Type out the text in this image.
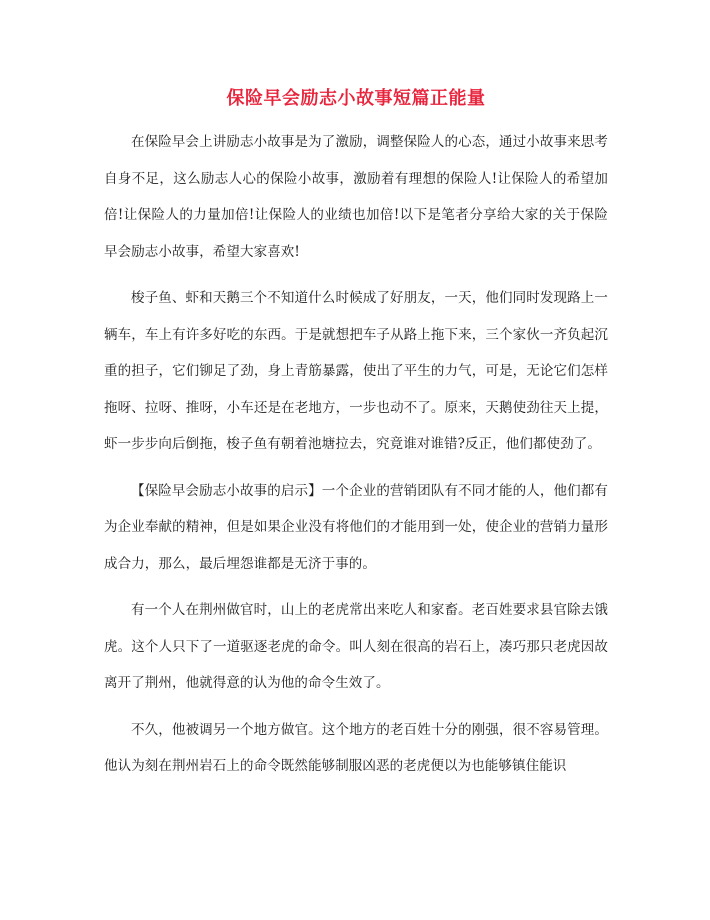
保险早会励志小故事短篇正能量

在保险早会上讲励志小故事是为了激励，调整保险人的心态，通过小故事来思考自身不足，这么励志人心的保险小故事，激励着有理想的保险人!让保险人的希望加倍!让保险人的力量加倍!让保险人的业绩也加倍!以下是笔者分享给大家的关于保险早会励志小故事，希望大家喜欢!

梭子鱼、虾和天鹅三个不知道什么时候成了好朋友，一天，他们同时发现路上一辆车，车上有许多好吃的东西。于是就想把车子从路上拖下来，三个家伙一齐负起沉重的担子，它们铆足了劲，身上青筋暴露，使出了平生的力气，可是，无论它们怎样拖呀、拉呀、推呀，小车还是在老地方，一步也动不了。原来，天鹅使劲往天上提，虾一步步向后倒拖，梭子鱼有朝着池塘拉去，究竟谁对谁错?反正，他们都使劲了。

【保险早会励志小故事的启示】一个企业的营销团队有不同才能的人，他们都有为企业奉献的精神，但是如果企业没有将他们的才能用到一处，使企业的营销力量形成合力，那么，最后埋怨谁都是无济于事的。

有一个人在荆州做官时，山上的老虎常出来吃人和家畜。老百姓要求县官除去饿虎。这个人只下了一道驱逐老虎的命令。叫人刻在很高的岩石上，凑巧那只老虎因故离开了荆州，他就得意的认为他的命令生效了。

不久，他被调另一个地方做官。这个地方的老百姓十分的刚强，很不容易管理。他认为刻在荆州岩石上的命令既然能够制服凶恶的老虎便以为也能够镇住能识
